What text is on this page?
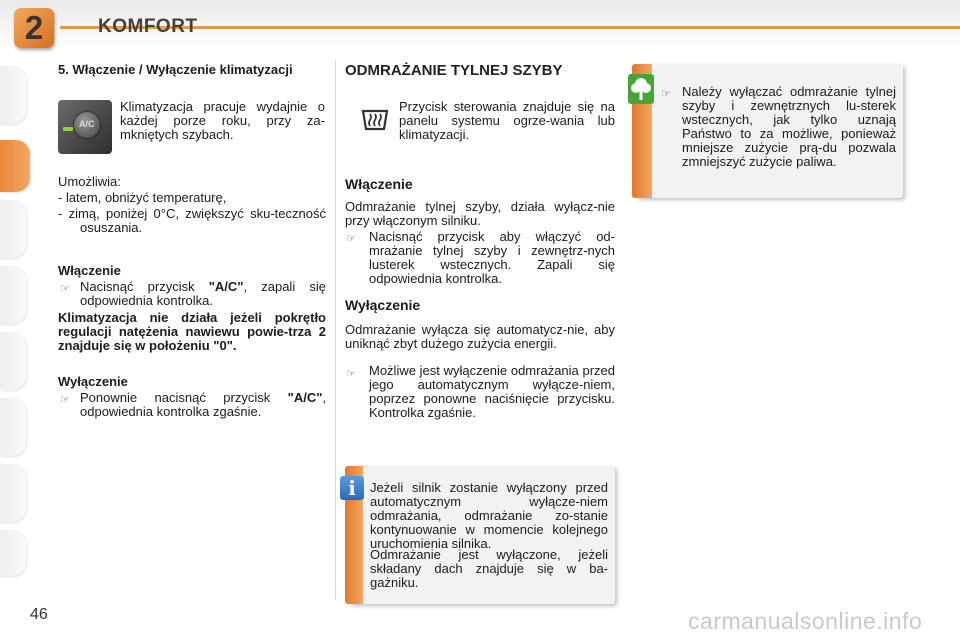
2	KOMFORT
5. Włączenie / Wyłączenie klimatyzacji
A/C
Klimatyzacja pracuje wydajnie o każdej porze roku, przy za-mkniętych szybach.
Umożliwia:
- latem, obniżyć temperaturę,
- zimą, poniżej 0°C, zwiększyć sku-teczność osuszania.
Włączenie
☞ Nacisnąć przycisk "A/C", zapali się odpowiednia kontrolka.
Klimatyzacja nie działa jeżeli pokrętło regulacji natężenia nawiewu powie-trza 2 znajduje się w położeniu "0".
Wyłączenie
☞ Ponownie nacisnąć przycisk "A/C", odpowiednia kontrolka zgaśnie.
ODMRAŻANIE TYLNEJ SZYBY
Przycisk sterowania znajduje się na panelu systemu ogrze-wania lub klimatyzacji.
Włączenie
Odmrażanie tylnej szyby, działa wyłącz-nie przy włączonym silniku.
☞ Nacisnąć przycisk aby włączyć od-mrażanie tylnej szyby i zewnętrz-nych lusterek wstecznych. Zapali się odpowiednia kontrolka.
Wyłączenie
Odmrażanie wyłącza się automatycz-nie, aby uniknąć zbyt dużego zużycia energii.
☞ Możliwe jest wyłączenie odmrażania przed jego automatycznym wyłącze-niem, poprzez ponowne naciśnięcie przycisku. Kontrolka zgaśnie.
i	Jeżeli silnik zostanie wyłączony przed automatycznym wyłącze-niem odmrażania, odmrażanie zo-stanie kontynuowanie w momencie kolejnego uruchomienia silnika.
Odmrażanie jest wyłączone, jeżeli składany dach znajduje się w ba-gażniku.
☞ Należy wyłączać odmrażanie tylnej szyby i zewnętrznych lu-sterek wstecznych, jak tylko uznają Państwo to za możliwe, ponieważ mniejsze zużycie prą-du pozwala zmniejszyć zużycie paliwa.
46	carmanualsonline.info
